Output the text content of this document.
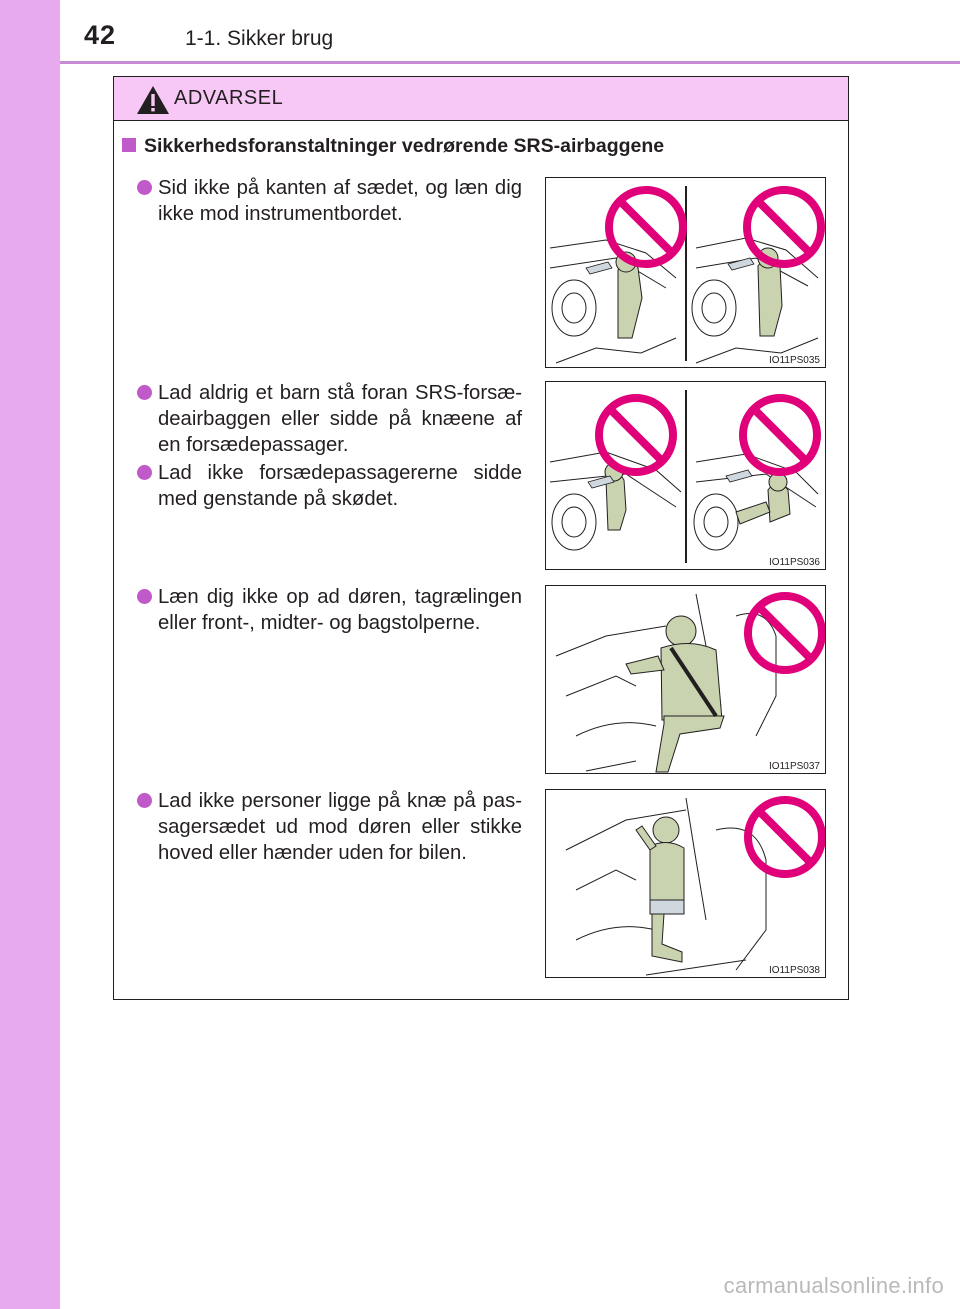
42	1-1. Sikker brug
ADVARSEL
Sikkerhedsforanstaltninger vedrørende SRS-airbaggene
Sid ikke på kanten af sædet, og læn dig ikke mod instrumentbordet.
Lad aldrig et barn stå foran SRS-forsæ-deairbaggen eller sidde på knæene af en forsædepassager.
Lad ikke forsædepassagererne sidde med genstande på skødet.
Læn dig ikke op ad døren, tagrælingen eller front-, midter- og bagstolperne.
Lad ikke personer ligge på knæ på pas-sagersædet ud mod døren eller stikke hoved eller hænder uden for bilen.
IO11PS035
IO11PS036
IO11PS037
IO11PS038
carmanualsonline.info
